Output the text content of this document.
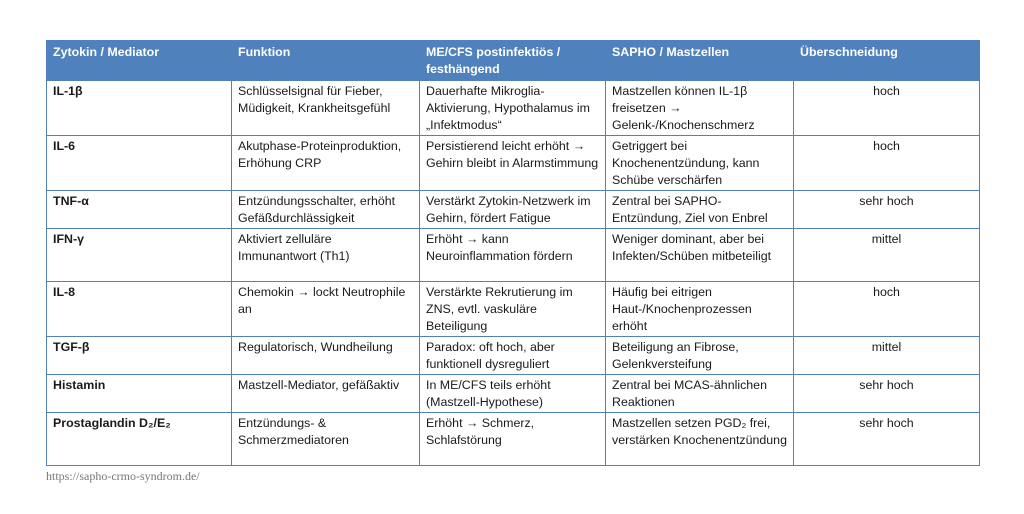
Zytokin / Mediator	Funktion	ME/CFS postinfektiös / festhängend	SAPHO / Mastzellen	Überschneidung
IL-1β	Schlüsselsignal für Fieber, Müdigkeit, Krankheitsgefühl	Dauerhafte Mikroglia-Aktivierung, Hypothalamus im „Infektmodus“	Mastzellen können IL-1β freisetzen → Gelenk-/Knochenschmerz	hoch
IL-6	Akutphase-Proteinproduktion, Erhöhung CRP	Persistierend leicht erhöht → Gehirn bleibt in Alarmstimmung	Getriggert bei Knochenentzündung, kann Schübe verschärfen	hoch
TNF-α	Entzündungsschalter, erhöht Gefäßdurchlässigkeit	Verstärkt Zytokin-Netzwerk im Gehirn, fördert Fatigue	Zentral bei SAPHO-Entzündung, Ziel von Enbrel	sehr hoch
IFN-γ	Aktiviert zelluläre Immunantwort (Th1)	Erhöht → kann Neuroinflammation fördern	Weniger dominant, aber bei Infekten/Schüben mitbeteiligt	mittel
IL-8	Chemokin → lockt Neutrophile an	Verstärkte Rekrutierung im ZNS, evtl. vaskuläre Beteiligung	Häufig bei eitrigen Haut-/Knochenprozessen erhöht	hoch
TGF-β	Regulatorisch, Wundheilung	Paradox: oft hoch, aber funktionell dysreguliert	Beteiligung an Fibrose, Gelenkversteifung	mittel
Histamin	Mastzell-Mediator, gefäßaktiv	In ME/CFS teils erhöht (Mastzell-Hypothese)	Zentral bei MCAS-ähnlichen Reaktionen	sehr hoch
Prostaglandin D₂/E₂	Entzündungs- & Schmerzmediatoren	Erhöht → Schmerz, Schlafstörung	Mastzellen setzen PGD₂ frei, verstärken Knochenentzündung	sehr hoch
https://sapho-crmo-syndrom.de/
